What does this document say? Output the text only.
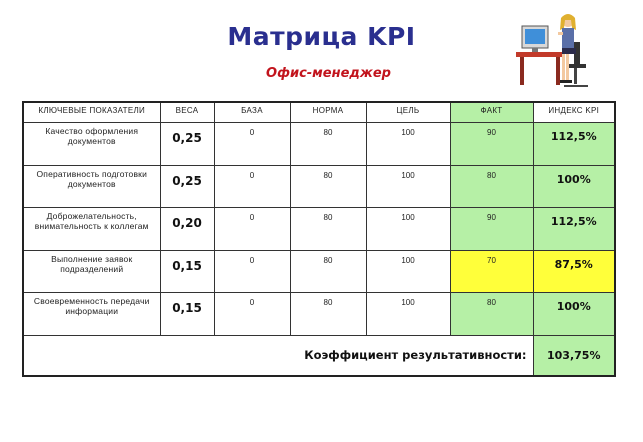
Матрица KPI
Офис-менеджер
КЛЮЧЕВЫЕ ПОКАЗАТЕЛИ	ВЕСА	БАЗА	НОРМА	ЦЕЛЬ	ФАКТ	ИНДЕКС KPI
Качество оформления документов	0,25	0	80	100	90	112,5%
Оперативность подготовки документов	0,25	0	80	100	80	100%
Доброжелательность, внимательность к коллегам	0,20	0	80	100	90	112,5%
Выполнение заявок подразделений	0,15	0	80	100	70	87,5%
Своевременность передачи информации	0,15	0	80	100	80	100%
Коэффициент результативности:						103,75%
